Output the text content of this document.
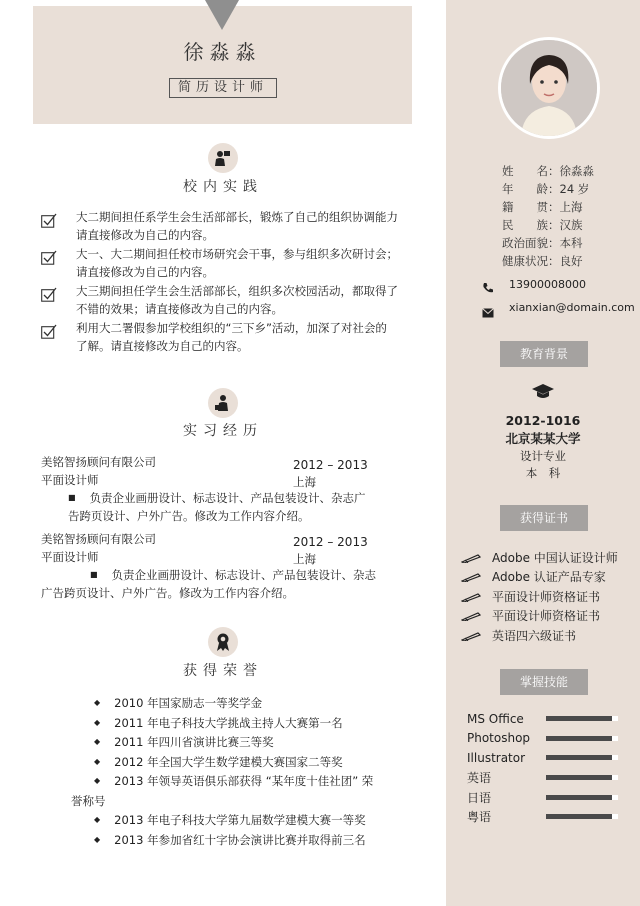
徐淼淼
简历设计师
姓　　名：徐淼淼
年　　龄：24 岁
籍　　贯：上海
民　　族：汉族
政治面貌：本科
健康状况：良好
13900008000
xianxian@domain.com
教育背景
2012-1016
北京某某大学
设计专业
本　科
获得证书
Adobe 中国认证设计师
Adobe 认证产品专家
平面设计师资格证书
平面设计师资格证书
英语四六级证书
掌握技能
MS Office
Photoshop
Illustrator
英语
日语
粤语
校内实践
大二期间担任系学生会生活部部长，锻炼了自己的组织协调能力
请直接修改为自己的内容。
大一、大二期间担任校市场研究会干事，参与组织多次研讨会；
请直接修改为自己的内容。
大三期间担任学生会生活部部长，组织多次校园活动，都取得了
不错的效果；请直接修改为自己的内容。
利用大二署假参加学校组织的“三下乡”活动，加深了对社会的
了解。请直接修改为自己的内容。
实习经历
美铭智扬顾问有限公司	2012 – 2013
平面设计师	上海
■ 负责企业画册设计、标志设计、产品包装设计、杂志广
告跨页设计、户外广告。修改为工作内容介绍。
美铭智扬顾问有限公司	2012 – 2013
平面设计师	上海
■ 负责企业画册设计、标志设计、产品包装设计、杂志
广告跨页设计、户外广告。修改为工作内容介绍。
获得荣誉
◆ 2010 年国家励志一等奖学金
◆ 2011 年电子科技大学挑战主持人大赛第一名
◆ 2011 年四川省演讲比赛三等奖
◆ 2012 年全国大学生数学建模大赛国家二等奖
◆ 2013 年领导英语俱乐部获得 “某年度十佳社团” 荣
誉称号
◆ 2013 年电子科技大学第九届数学建模大赛一等奖
◆ 2013 年参加省红十字协会演讲比赛并取得前三名
